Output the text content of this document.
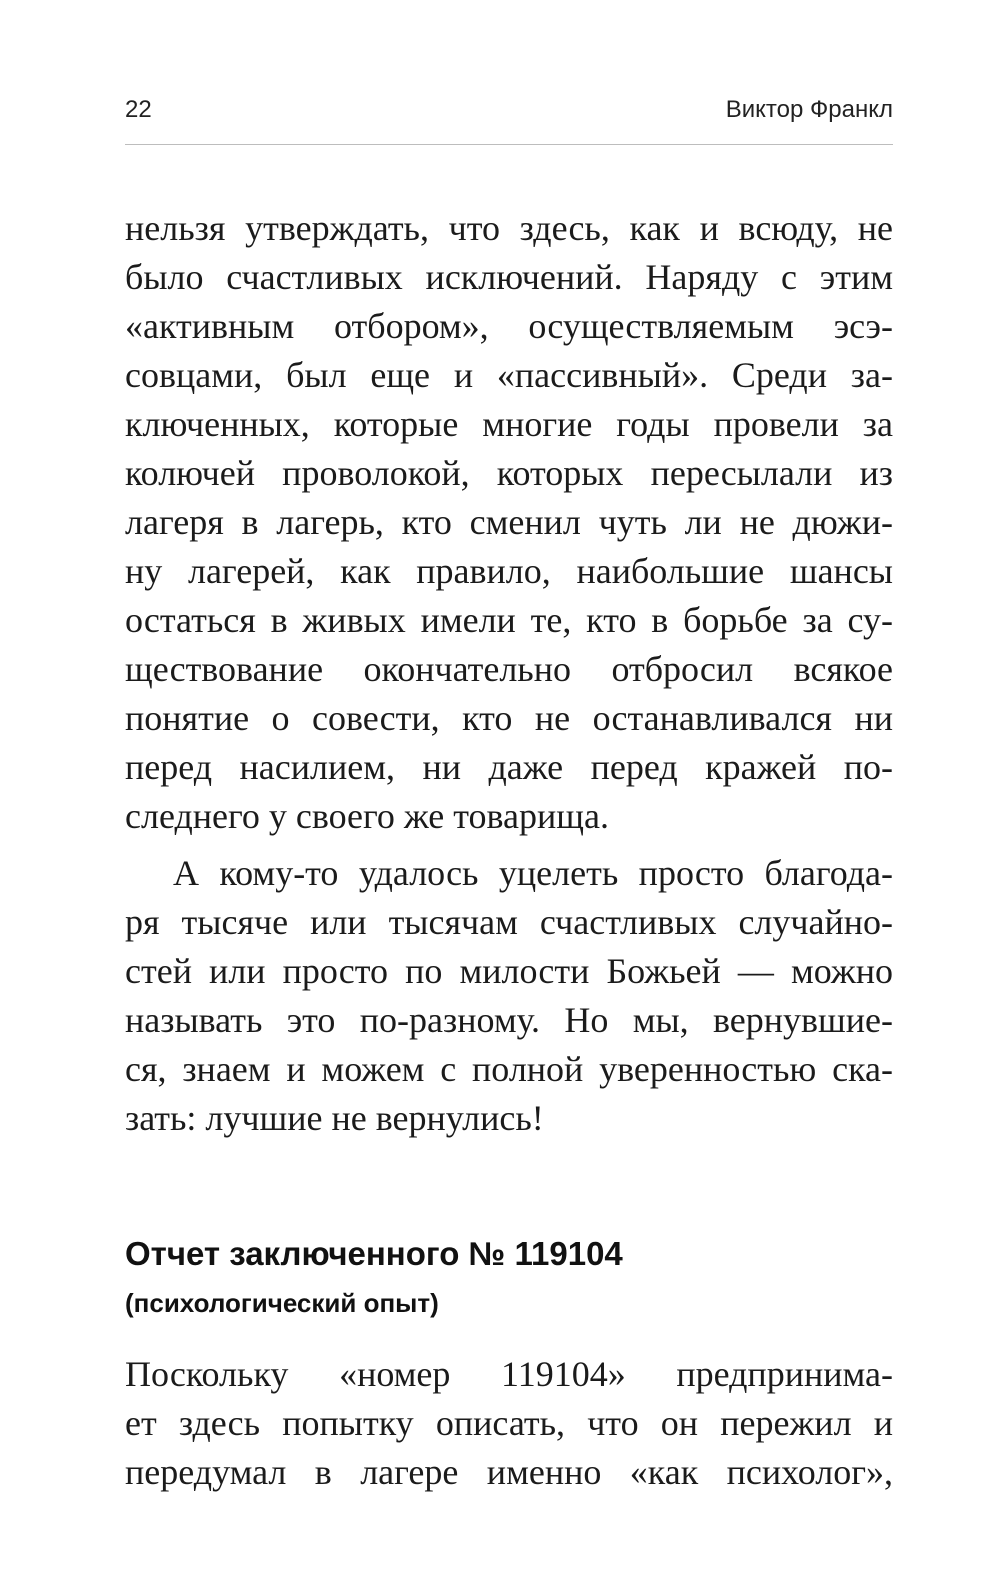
22	Виктор Франкл
нельзя утверждать, что здесь, как и всюду, не
было счастливых исключений. Наряду с этим
«активным отбором», осуществляемым эсэ-
совцами, был еще и «пассивный». Среди за-
ключенных, которые многие годы провели за
колючей проволокой, которых пересылали из
лагеря в лагерь, кто сменил чуть ли не дюжи-
ну лагерей, как правило, наибольшие шансы
остаться в живых имели те, кто в борьбе за су-
ществование окончательно отбросил всякое
понятие о совести, кто не останавливался ни
перед насилием, ни даже перед кражей по-
следнего у своего же товарища.
А кому-то удалось уцелеть просто благода-
ря тысяче или тысячам счастливых случайно-
стей или просто по милости Божьей — можно
называть это по-разному. Но мы, вернувшие-
ся, знаем и можем с полной уверенностью ска-
зать: лучшие не вернулись!
Отчет заключенного № 119104
(психологический опыт)
Поскольку «номер 119104» предпринима-
ет здесь попытку описать, что он пережил и
передумал в лагере именно «как психолог»,
